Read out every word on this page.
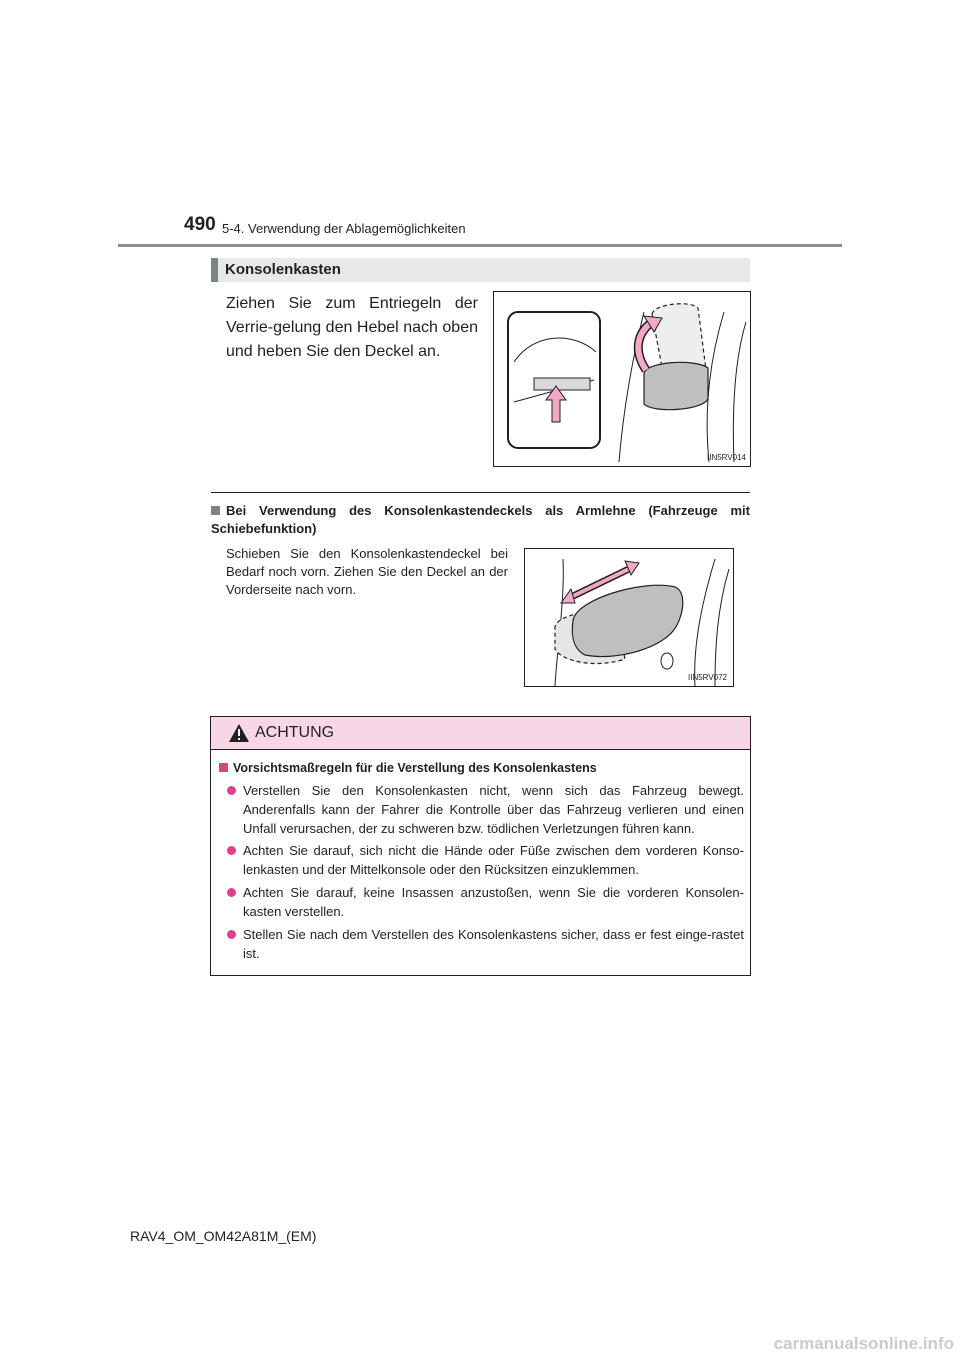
490 5-4. Verwendung der Ablagemöglichkeiten
Konsolenkasten
Ziehen Sie zum Entriegeln der Verrie-gelung den Hebel nach oben und heben Sie den Deckel an.
IIN5RV014
Bei Verwendung des Konsolenkastendeckels als Armlehne (Fahrzeuge mit Schiebefunktion)
Schieben Sie den Konsolenkastendeckel bei Bedarf noch vorn. Ziehen Sie den Deckel an der Vorderseite nach vorn.
IIN5RV072
ACHTUNG
Vorsichtsmaßregeln für die Verstellung des Konsolenkastens
Verstellen Sie den Konsolenkasten nicht, wenn sich das Fahrzeug bewegt. Anderenfalls kann der Fahrer die Kontrolle über das Fahrzeug verlieren und einen Unfall verursachen, der zu schweren bzw. tödlichen Verletzungen führen kann.
Achten Sie darauf, sich nicht die Hände oder Füße zwischen dem vorderen Konso-lenkasten und der Mittelkonsole oder den Rücksitzen einzuklemmen.
Achten Sie darauf, keine Insassen anzustoßen, wenn Sie die vorderen Konsolen-kasten verstellen.
Stellen Sie nach dem Verstellen des Konsolenkastens sicher, dass er fest einge-rastet ist.
RAV4_OM_OM42A81M_(EM)
carmanualsonline.info
